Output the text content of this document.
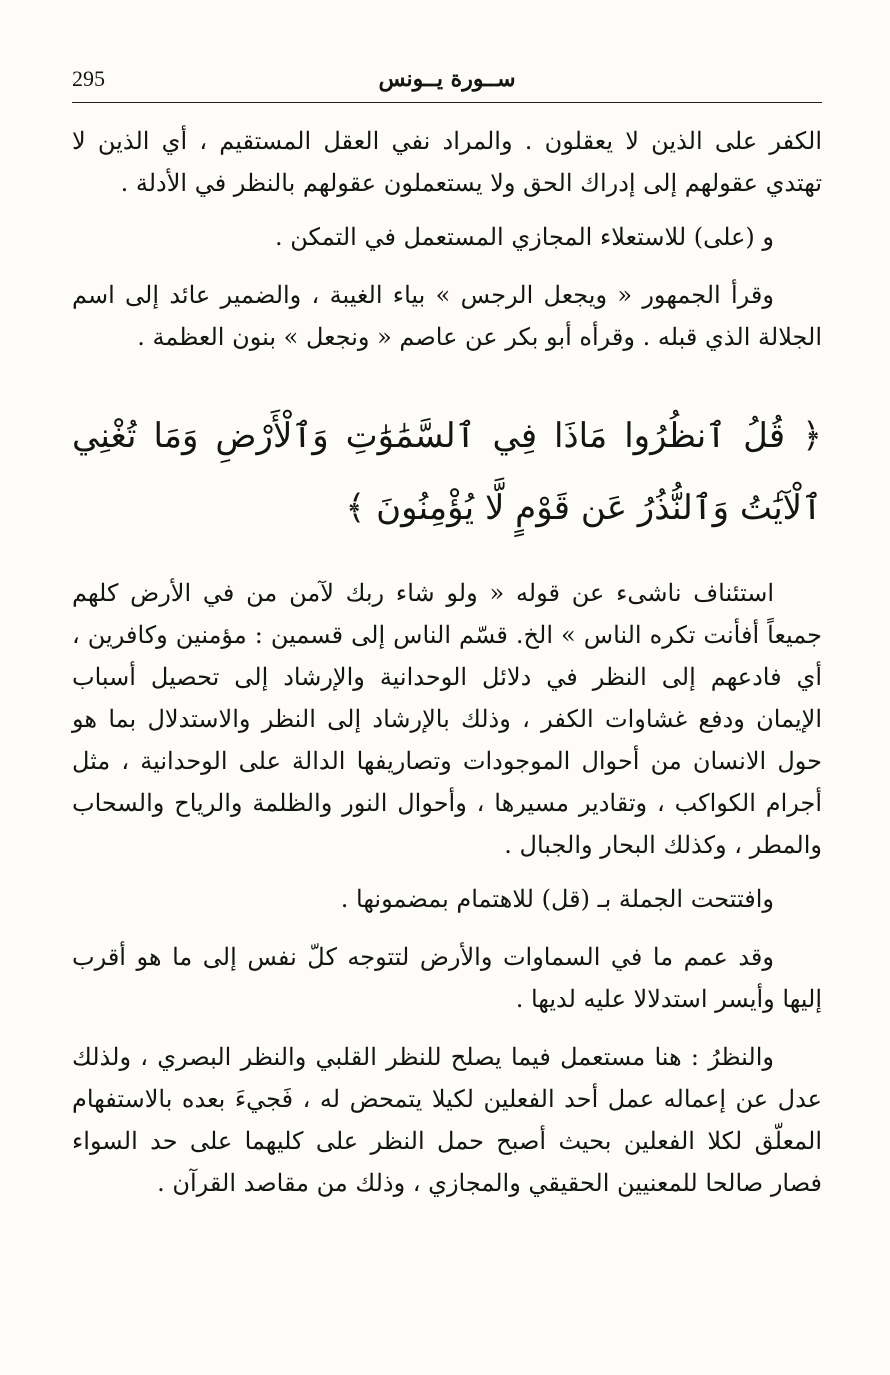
295	ســورة يــونس

الكفر على الذين لا يعقلون . والمراد نفي العقل المستقيم ، أي الذين لا تهتدي عقولهم إلى إدراك الحق ولا يستعملون عقولهم بالنظر في الأدلة .

و (على) للاستعلاء المجازي المستعمل في التمكن .

وقرأ الجمهور « ويجعل الرجس » بياء الغيبة ، والضمير عائد إلى اسم الجلالة الذي قبله . وقرأه أبو بكر عن عاصم « ونجعل » بنون العظمة .

﴿ قُلُ ٱنظُرُوا مَاذَا فِي ٱلسَّمَٰوَٰتِ وَٱلْأَرْضِ وَمَا تُغْنِي ٱلْآيَٰتُ وَٱلنُّذُرُ عَن قَوْمٍ لَّا يُؤْمِنُونَ ﴾

استئناف ناشىء عن قوله « ولو شاء ربك لآمن من في الأرض كلهم جميعاً أفأنت تكره الناس » الخ. قسّم الناس إلى قسمين : مؤمنين وكافرين ، أي فادعهم إلى النظر في دلائل الوحدانية والإرشاد إلى تحصيل أسباب الإيمان ودفع غشاوات الكفر ، وذلك بالإرشاد إلى النظر والاستدلال بما هو حول الانسان من أحوال الموجودات وتصاريفها الدالة على الوحدانية ، مثل أجرام الكواكب ، وتقادير مسيرها ، وأحوال النور والظلمة والرياح والسحاب والمطر ، وكذلك البحار والجبال .

وافتتحت الجملة بـ (قل) للاهتمام بمضمونها .

وقد عمم ما في السماوات والأرض لتتوجه كلّ نفس إلى ما هو أقرب إليها وأيسر استدلالا عليه لديها .

والنظرُ : هنا مستعمل فيما يصلح للنظر القلبي والنظر البصري ، ولذلك عدل عن إعماله عمل أحد الفعلين لكيلا يتمحض له ، فَجيءَ بعده بالاستفهام المعلّق لكلا الفعلين بحيث أصبح حمل النظر على كليهما على حد السواء فصار صالحا للمعنيين الحقيقي والمجازي ، وذلك من مقاصد القرآن .
